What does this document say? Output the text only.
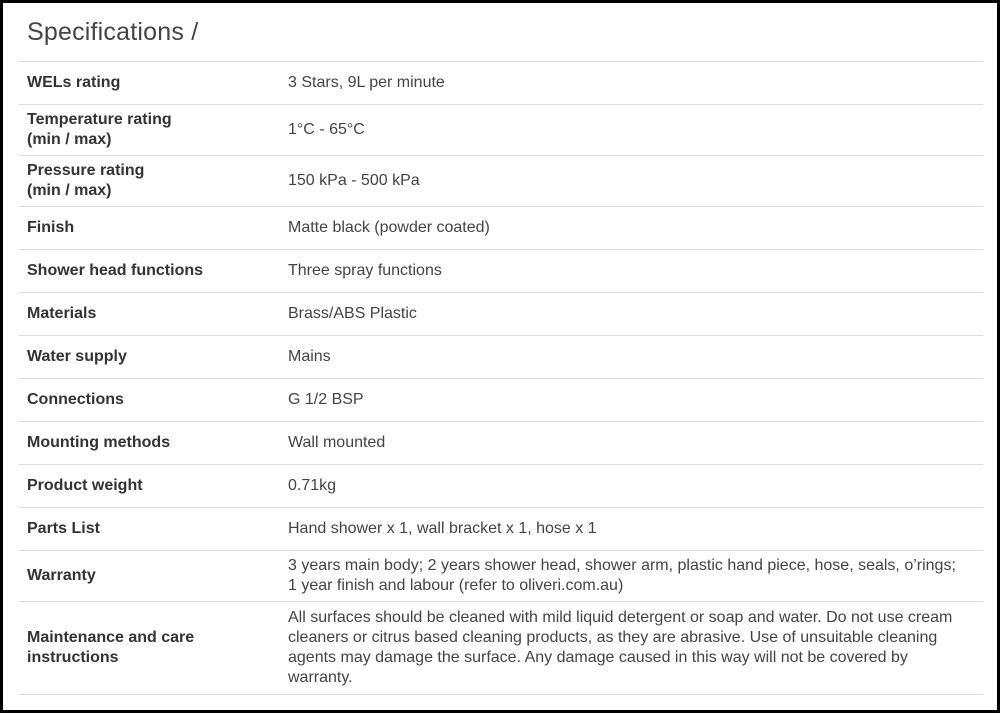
Specifications /
WELs rating	3 Stars, 9L per minute
Temperature rating
(min / max)	1°C - 65°C
Pressure rating
(min / max)	150 kPa - 500 kPa
Finish	Matte black (powder coated)
Shower head functions	Three spray functions
Materials	Brass/ABS Plastic
Water supply	Mains
Connections	G 1/2 BSP
Mounting methods	Wall mounted
Product weight	0.71kg
Parts List	Hand shower x 1, wall bracket x 1, hose x 1
Warranty	3 years main body; 2 years shower head, shower arm, plastic hand piece, hose, seals, o’rings; 1 year finish and labour (refer to oliveri.com.au)
Maintenance and care
instructions	All surfaces should be cleaned with mild liquid detergent or soap and water. Do not use cream cleaners or citrus based cleaning products, as they are abrasive. Use of unsuitable cleaning agents may damage the surface. Any damage caused in this way will not be covered by warranty.
